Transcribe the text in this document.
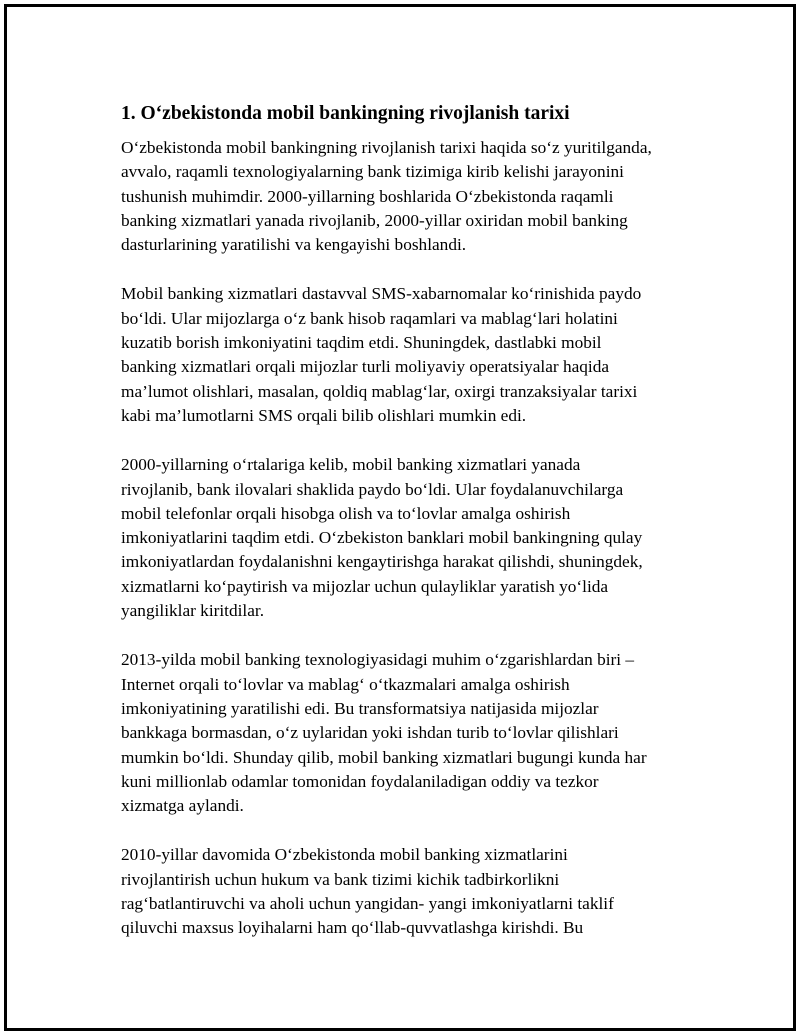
1. O‘zbekistonda mobil bankingning rivojlanish tarixi
O‘zbekistonda mobil bankingning rivojlanish tarixi haqida so‘z yuritilganda,
avvalo, raqamli texnologiyalarning bank tizimiga kirib kelishi jarayonini
tushunish muhimdir. 2000-yillarning boshlarida O‘zbekistonda raqamli
banking xizmatlari yanada rivojlanib, 2000-yillar oxiridan mobil banking
dasturlarining yaratilishi va kengayishi boshlandi.
Mobil banking xizmatlari dastavval SMS-xabarnomalar ko‘rinishida paydo
bo‘ldi. Ular mijozlarga o‘z bank hisob raqamlari va mablag‘lari holatini
kuzatib borish imkoniyatini taqdim etdi. Shuningdek, dastlabki mobil
banking xizmatlari orqali mijozlar turli moliyaviy operatsiyalar haqida
ma’lumot olishlari, masalan, qoldiq mablag‘lar, oxirgi tranzaksiyalar tarixi
kabi ma’lumotlarni SMS orqali bilib olishlari mumkin edi.
2000-yillarning o‘rtalariga kelib, mobil banking xizmatlari yanada
rivojlanib, bank ilovalari shaklida paydo bo‘ldi. Ular foydalanuvchilarga
mobil telefonlar orqali hisobga olish va to‘lovlar amalga oshirish
imkoniyatlarini taqdim etdi. O‘zbekiston banklari mobil bankingning qulay
imkoniyatlardan foydalanishni kengaytirishga harakat qilishdi, shuningdek,
xizmatlarni ko‘paytirish va mijozlar uchun qulayliklar yaratish yo‘lida
yangiliklar kiritdilar.
2013-yilda mobil banking texnologiyasidagi muhim o‘zgarishlardan biri –
Internet orqali to‘lovlar va mablag‘ o‘tkazmalari amalga oshirish
imkoniyatining yaratilishi edi. Bu transformatsiya natijasida mijozlar
bankkaga bormasdan, o‘z uylaridan yoki ishdan turib to‘lovlar qilishlari
mumkin bo‘ldi. Shunday qilib, mobil banking xizmatlari bugungi kunda har
kuni millionlab odamlar tomonidan foydalaniladigan oddiy va tezkor
xizmatga aylandi.
2010-yillar davomida O‘zbekistonda mobil banking xizmatlarini
rivojlantirish uchun hukum va bank tizimi kichik tadbirkorlikni
rag‘batlantiruvchi va aholi uchun yangidan- yangi imkoniyatlarni taklif
qiluvchi maxsus loyihalarni ham qo‘llab-quvvatlashga kirishdi. Bu
